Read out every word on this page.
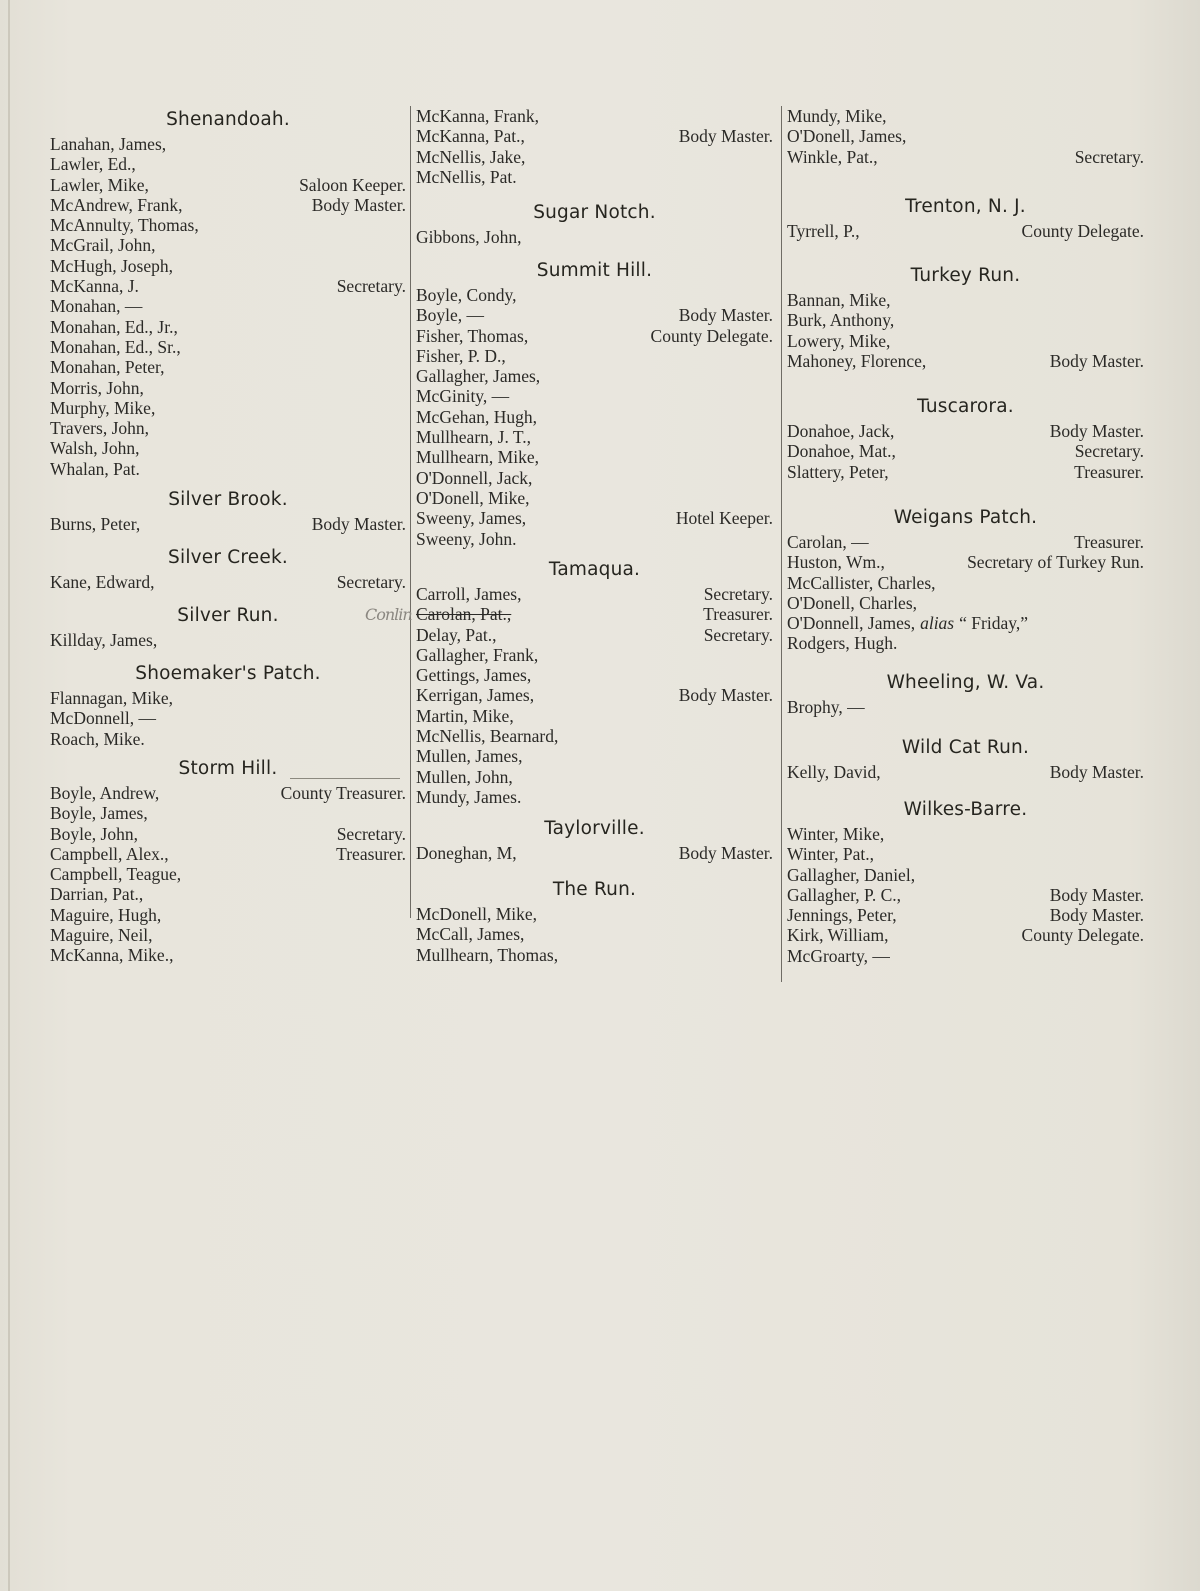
Shenandoah.
Lanahan, James,
Lawler, Ed.,
Lawler, Mike,	Saloon Keeper.
McAndrew, Frank,	Body Master.
McAnnulty, Thomas,
McGrail, John,
McHugh, Joseph,
McKanna, J.	Secretary.
Monahan, —
Monahan, Ed., Jr.,
Monahan, Ed., Sr.,
Monahan, Peter,
Morris, John,
Murphy, Mike,
Travers, John,
Walsh, John,
Whalan, Pat.
Silver Brook.
Burns, Peter,	Body Master.
Silver Creek.
Kane, Edward,	Secretary.
Silver Run.
Killday, James,
Shoemaker's Patch.
Flannagan, Mike,
McDonnell, —
Roach, Mike.
Storm Hill.
Boyle, Andrew,	County Treasurer.
Boyle, James,
Boyle, John,	Secretary.
Campbell, Alex.,	Treasurer.
Campbell, Teague,
Darrian, Pat.,
Maguire, Hugh,
Maguire, Neil,
McKanna, Mike.,
McKanna, Frank,
McKanna, Pat.,	Body Master.
McNellis, Jake,
McNellis, Pat.
Sugar Notch.
Gibbons, John,
Summit Hill.
Boyle, Condy,
Boyle, —	Body Master.
Fisher, Thomas,	County Delegate.
Fisher, P. D.,
Gallagher, James,
McGinity, —
McGehan, Hugh,
Mullhearn, J. T.,
Mullhearn, Mike,
O'Donnell, Jack,
O'Donell, Mike,
Sweeny, James,	Hotel Keeper.
Sweeny, John.
Tamaqua.
Carroll, James,	Secretary.
Carolan, Pat.,	Treasurer.
Delay, Pat.,	Secretary.
Gallagher, Frank,
Gettings, James,
Kerrigan, James,	Body Master.
Martin, Mike,
McNellis, Bearnard,
Mullen, James,
Mullen, John,
Mundy, James.
Taylorville.
Doneghan, M,	Body Master.
The Run.
McDonell, Mike,
McCall, James,
Mullhearn, Thomas,
Mundy, Mike,
O'Donell, James,
Winkle, Pat.,	Secretary.
Trenton, N. J.
Tyrrell, P.,	County Delegate.
Turkey Run.
Bannan, Mike,
Burk, Anthony,
Lowery, Mike,
Mahoney, Florence,	Body Master.
Tuscarora.
Donahoe, Jack,	Body Master.
Donahoe, Mat.,	Secretary.
Slattery, Peter,	Treasurer.
Weigans Patch.
Carolan, —	Treasurer.
Huston, Wm.,	Secretary of Turkey Run.
McCallister, Charles,
O'Donell, Charles,
O'Donnell, James, alias “ Friday,”
Rodgers, Hugh.
Wheeling, W. Va.
Brophy, —
Wild Cat Run.
Kelly, David,	Body Master.
Wilkes-Barre.
Winter, Mike,
Winter, Pat.,
Gallagher, Daniel,
Gallagher, P. C.,	Body Master.
Jennings, Peter,	Body Master.
Kirk, William,	County Delegate.
McGroarty, —
Conlin
